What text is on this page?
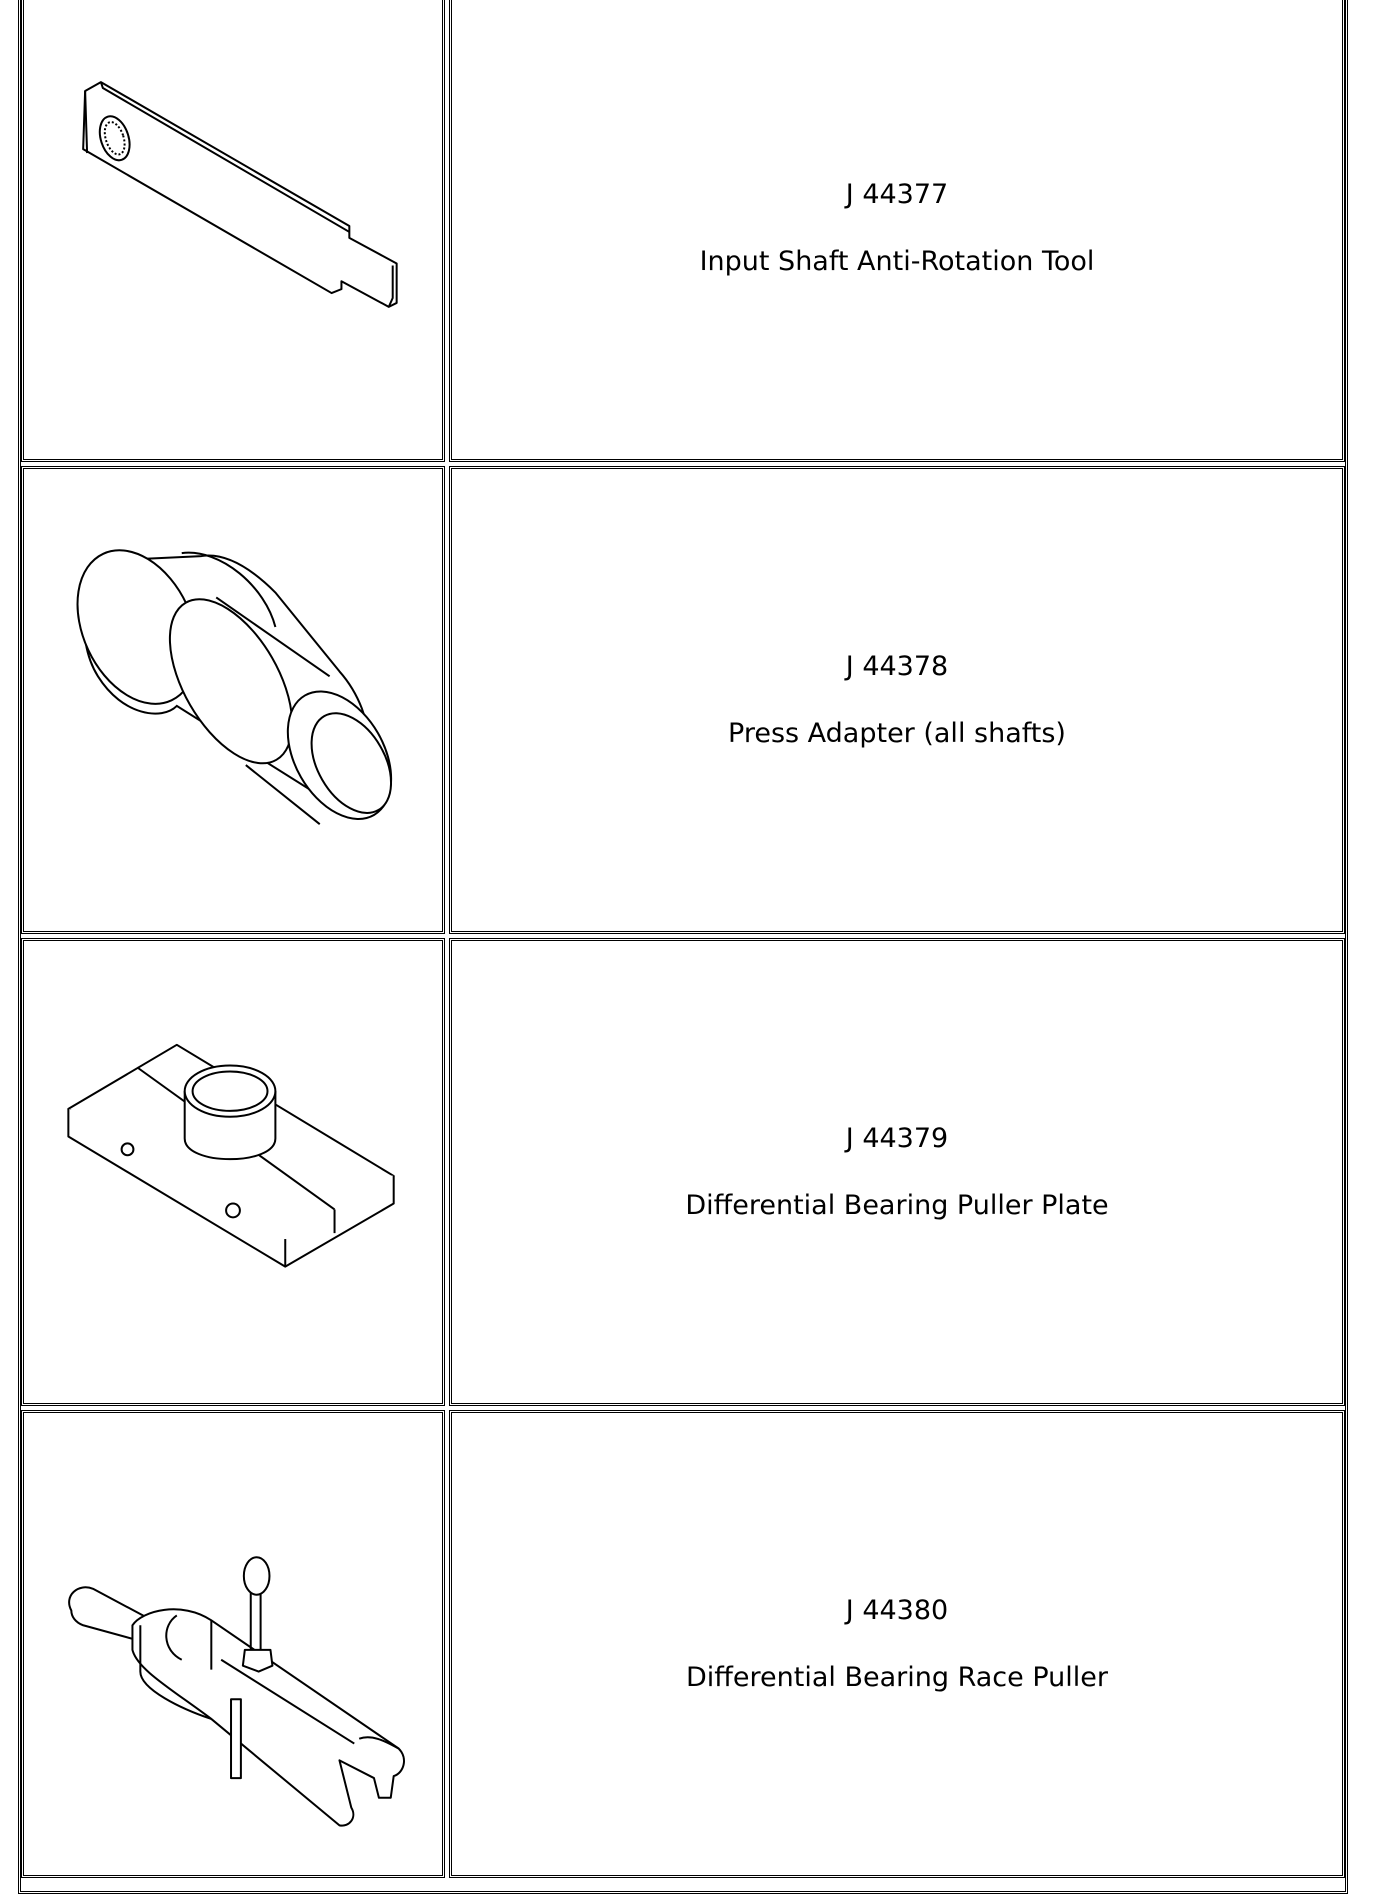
J 44377
Input Shaft Anti-Rotation Tool
J 44378
Press Adapter (all shafts)
J 44379
Differential Bearing Puller Plate
J 44380
Differential Bearing Race Puller
